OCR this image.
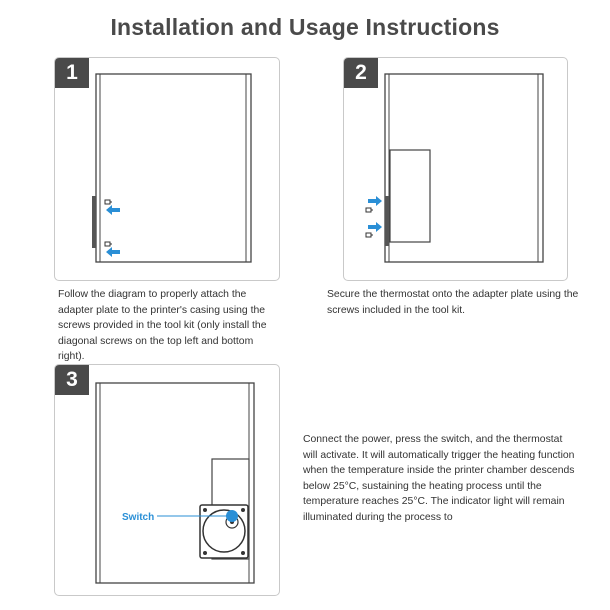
Installation and Usage Instructions
1	2
Follow the diagram to properly attach the adapter plate to the printer's casing using the screws provided in the tool kit (only install the diagonal screws on the top left and bottom right).
Secure the thermostat onto the adapter plate using the screws included in the tool kit.
3
Switch
Connect the power, press the switch, and the thermostat will activate. It will automatically trigger the heating function when the temperature inside the printer chamber descends below 25°C, sustaining the heating process until the temperature reaches 25°C. The indicator light will remain illuminated during the process to
